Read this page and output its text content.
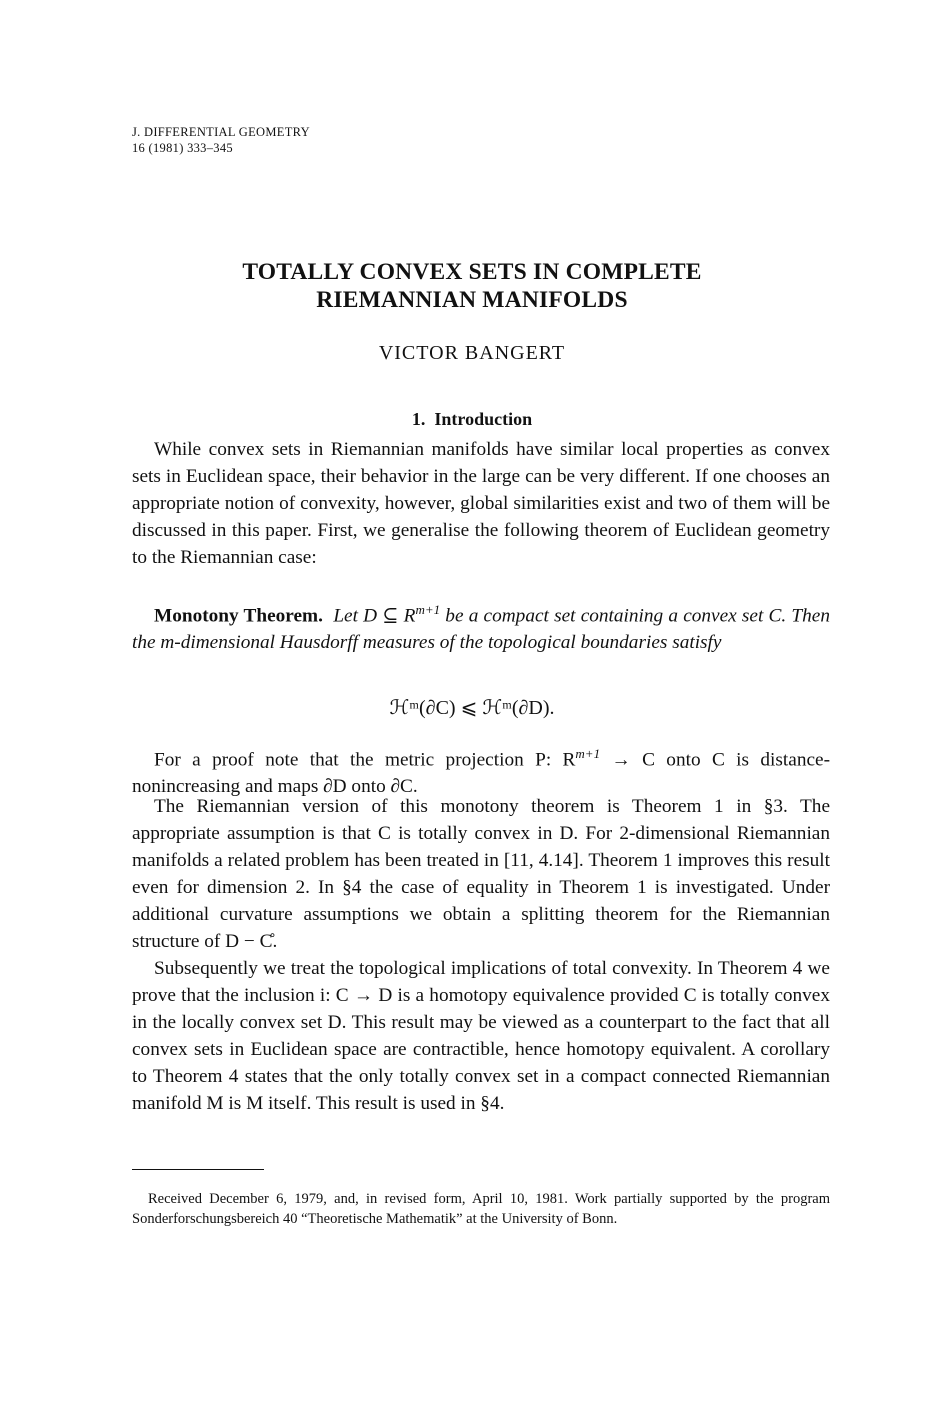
J. DIFFERENTIAL GEOMETRY
16 (1981) 333–345
TOTALLY CONVEX SETS IN COMPLETE
RIEMANNIAN MANIFOLDS
VICTOR BANGERT
1. Introduction

While convex sets in Riemannian manifolds have similar local properties as convex sets in Euclidean space, their behavior in the large can be very different. If one chooses an appropriate notion of convexity, however, global similarities exist and two of them will be discussed in this paper. First, we generalise the following theorem of Euclidean geometry to the Riemannian case:

Monotony Theorem. Let D ⊆ $R^{m+1}$ be a compact set containing a convex set C. Then the m-dimensional Hausdorff measures of the topological boundaries satisfy

ℋᵐ(∂C) ⩽ ℋᵐ(∂D).

For a proof note that the metric projection P: $R^{m+1} \to C$ onto C is distance-nonincreasing and maps ∂D onto ∂C.

The Riemannian version of this monotony theorem is Theorem 1 in §3. The appropriate assumption is that C is totally convex in D. For 2-dimensional Riemannian manifolds a related problem has been treated in [11, 4.14]. Theorem 1 improves this result even for dimension 2. In §4 the case of equality in Theorem 1 is investigated. Under additional curvature assumptions we obtain a splitting theorem for the Riemannian structure of D − C̊.

Subsequently we treat the topological implications of total convexity. In Theorem 4 we prove that the inclusion i: C → D is a homotopy equivalence provided C is totally convex in the locally convex set D. This result may be viewed as a counterpart to the fact that all convex sets in Euclidean space are contractible, hence homotopy equivalent. A corollary to Theorem 4 states that the only totally convex set in a compact connected Riemannian manifold M is M itself. This result is used in §4.

Received December 6, 1979, and, in revised form, April 10, 1981. Work partially supported by the program Sonderforschungsbereich 40 “Theoretische Mathematik” at the University of Bonn.
